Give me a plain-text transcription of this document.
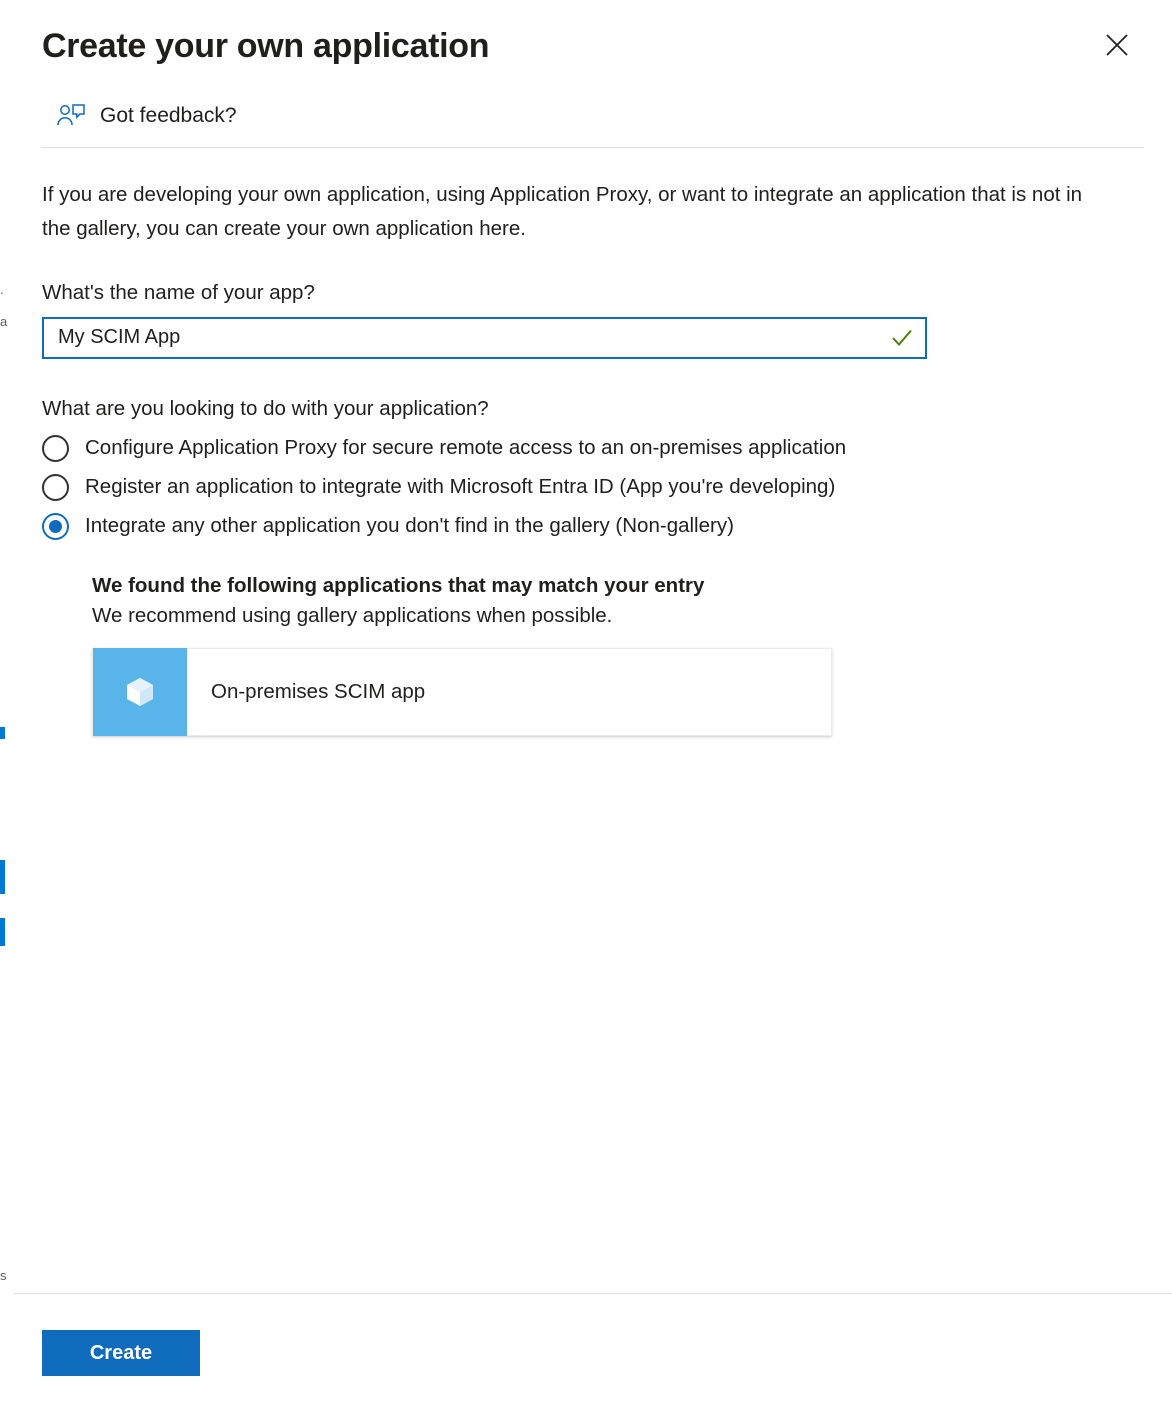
.
a
s
Create your own application
Got feedback?

If you are developing your own application, using Application Proxy, or want to integrate an application that is not in the gallery, you can create your own application here.

What's the name of your app?

My SCIM App

What are you looking to do with your application?

Configure Application Proxy for secure remote access to an on-premises application
Register an application to integrate with Microsoft Entra ID (App you're developing)
Integrate any other application you don't find in the gallery (Non-gallery)

We found the following applications that may match your entry

We recommend using gallery applications when possible.

On-premises SCIM app
Create
